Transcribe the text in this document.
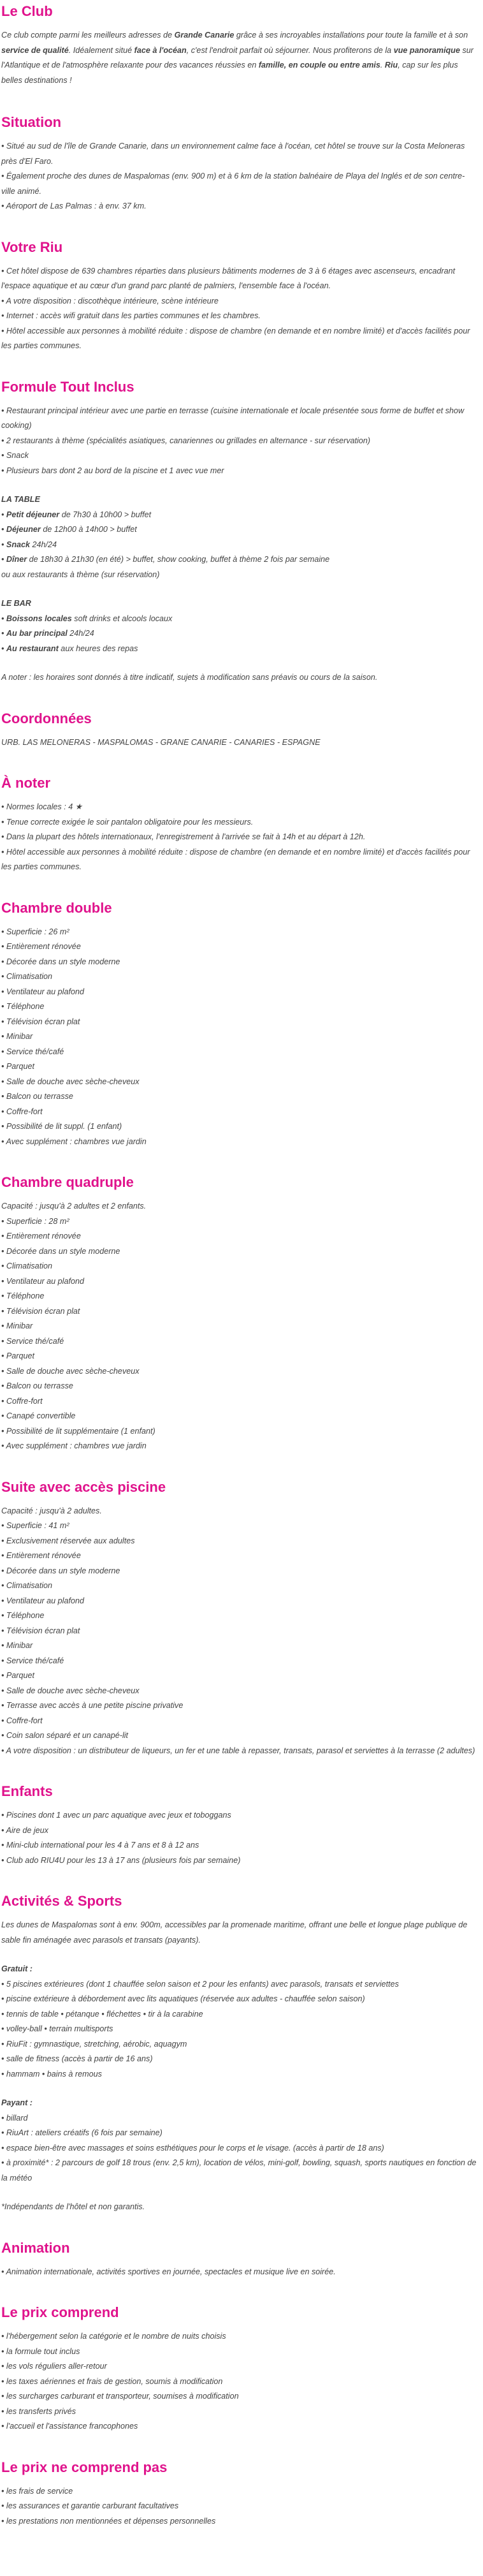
Le Club

Ce club compte parmi les meilleurs adresses de Grande Canarie grâce à ses incroyables installations pour toute la famille et à son service de qualité. Idéalement situé face à l'océan, c'est l'endroit parfait où séjourner. Nous profiterons de la vue panoramique sur l'Atlantique et de l'atmosphère relaxante pour des vacances réussies en famille, en couple ou entre amis. Riu, cap sur les plus belles destinations !

Situation
• Situé au sud de l'île de Grande Canarie, dans un environnement calme face à l'océan, cet hôtel se trouve sur la Costa Meloneras près d'El Faro.
• Également proche des dunes de Maspalomas (env. 900 m) et à 6 km de la station balnéaire de Playa del Inglés et de son centre-ville animé.
• Aéroport de Las Palmas : à env. 37 km.
Votre Riu
• Cet hôtel dispose de 639 chambres réparties dans plusieurs bâtiments modernes de 3 à 6 étages avec ascenseurs, encadrant l'espace aquatique et au cœur d'un grand parc planté de palmiers, l'ensemble face à l'océan.
• A votre disposition : discothèque intérieure, scène intérieure
• Internet : accès wifi gratuit dans les parties communes et les chambres.
• Hôtel accessible aux personnes à mobilité réduite : dispose de chambre (en demande et en nombre limité) et d'accès facilités pour les parties communes.
Formule Tout Inclus
• Restaurant principal intérieur avec une partie en terrasse (cuisine internationale et locale présentée sous forme de buffet et show cooking)
• 2 restaurants à thème (spécialités asiatiques, canariennes ou grillades en alternance - sur réservation)
• Snack
• Plusieurs bars dont 2 au bord de la piscine et 1 avec vue mer

LA TABLE

• Petit déjeuner de 7h30 à 10h00 > buffet
• Déjeuner de 12h00 à 14h00 > buffet
• Snack 24h/24
• Dîner de 18h30 à 21h30 (en été) > buffet, show cooking, buffet à thème 2 fois par semaine
ou aux restaurants à thème (sur réservation)

LE BAR

• Boissons locales soft drinks et alcools locaux
• Au bar principal 24h/24
• Au restaurant aux heures des repas

A noter : les horaires sont donnés à titre indicatif, sujets à modification sans préavis ou cours de la saison.

Coordonnées

URB. LAS MELONERAS - MASPALOMAS - GRANE CANARIE - CANARIES - ESPAGNE

À noter
• Normes locales : 4 ★
• Tenue correcte exigée le soir pantalon obligatoire pour les messieurs.
• Dans la plupart des hôtels internationaux, l'enregistrement à l'arrivée se fait à 14h et au départ à 12h.
• Hôtel accessible aux personnes à mobilité réduite : dispose de chambre (en demande et en nombre limité) et d'accès facilités pour les parties communes.
Chambre double
• Superficie : 26 m²
• Entièrement rénovée
• Décorée dans un style moderne
• Climatisation
• Ventilateur au plafond
• Téléphone
• Télévision écran plat
• Minibar
• Service thé/café
• Parquet
• Salle de douche avec sèche-cheveux
• Balcon ou terrasse
• Coffre-fort
• Possibilité de lit suppl. (1 enfant)
• Avec supplément : chambres vue jardin
Chambre quadruple

Capacité : jusqu'à 2 adultes et 2 enfants.

• Superficie : 28 m²
• Entièrement rénovée
• Décorée dans un style moderne
• Climatisation
• Ventilateur au plafond
• Téléphone
• Télévision écran plat
• Minibar
• Service thé/café
• Parquet
• Salle de douche avec sèche-cheveux
• Balcon ou terrasse
• Coffre-fort
• Canapé convertible
• Possibilité de lit supplémentaire (1 enfant)
• Avec supplément : chambres vue jardin
Suite avec accès piscine

Capacité : jusqu'à 2 adultes.

• Superficie : 41 m²
• Exclusivement réservée aux adultes
• Entièrement rénovée
• Décorée dans un style moderne
• Climatisation
• Ventilateur au plafond
• Téléphone
• Télévision écran plat
• Minibar
• Service thé/café
• Parquet
• Salle de douche avec sèche-cheveux
• Terrasse avec accès à une petite piscine privative
• Coffre-fort
• Coin salon séparé et un canapé-lit
• A votre disposition : un distributeur de liqueurs, un fer et une table à repasser, transats, parasol et serviettes à la terrasse (2 adultes)
Enfants
• Piscines dont 1 avec un parc aquatique avec jeux et toboggans
• Aire de jeux
• Mini-club international pour les 4 à 7 ans et 8 à 12 ans
• Club ado RIU4U pour les 13 à 17 ans (plusieurs fois par semaine)
Activités & Sports

Les dunes de Maspalomas sont à env. 900m, accessibles par la promenade maritime, offrant une belle et longue plage publique de sable fin aménagée avec parasols et transats (payants).

Gratuit :

• 5 piscines extérieures (dont 1 chauffée selon saison et 2 pour les enfants) avec parasols, transats et serviettes
• piscine extérieure à débordement avec lits aquatiques (réservée aux adultes - chauffée selon saison)
• tennis de table • pétanque • fléchettes • tir à la carabine
• volley-ball • terrain multisports
• RiuFit : gymnastique, stretching, aérobic, aquagym
• salle de fitness (accès à partir de 16 ans)
• hammam • bains à remous

Payant :

• billard
• RiuArt : ateliers créatifs (6 fois par semaine)
• espace bien-être avec massages et soins esthétiques pour le corps et le visage. (accès à partir de 18 ans)
• à proximité* : 2 parcours de golf 18 trous (env. 2,5 km), location de vélos, mini-golf, bowling, squash, sports nautiques en fonction de la météo

*Indépendants de l'hôtel et non garantis.

Animation
• Animation internationale, activités sportives en journée, spectacles et musique live en soirée.
Le prix comprend
• l'hébergement selon la catégorie et le nombre de nuits choisis
• la formule tout inclus
• les vols réguliers aller-retour
• les taxes aériennes et frais de gestion, soumis à modification
• les surcharges carburant et transporteur, soumises à modification
• les transferts privés
• l'accueil et l'assistance francophones
Le prix ne comprend pas
• les frais de service
• les assurances et garantie carburant facultatives
• les prestations non mentionnées et dépenses personnelles
